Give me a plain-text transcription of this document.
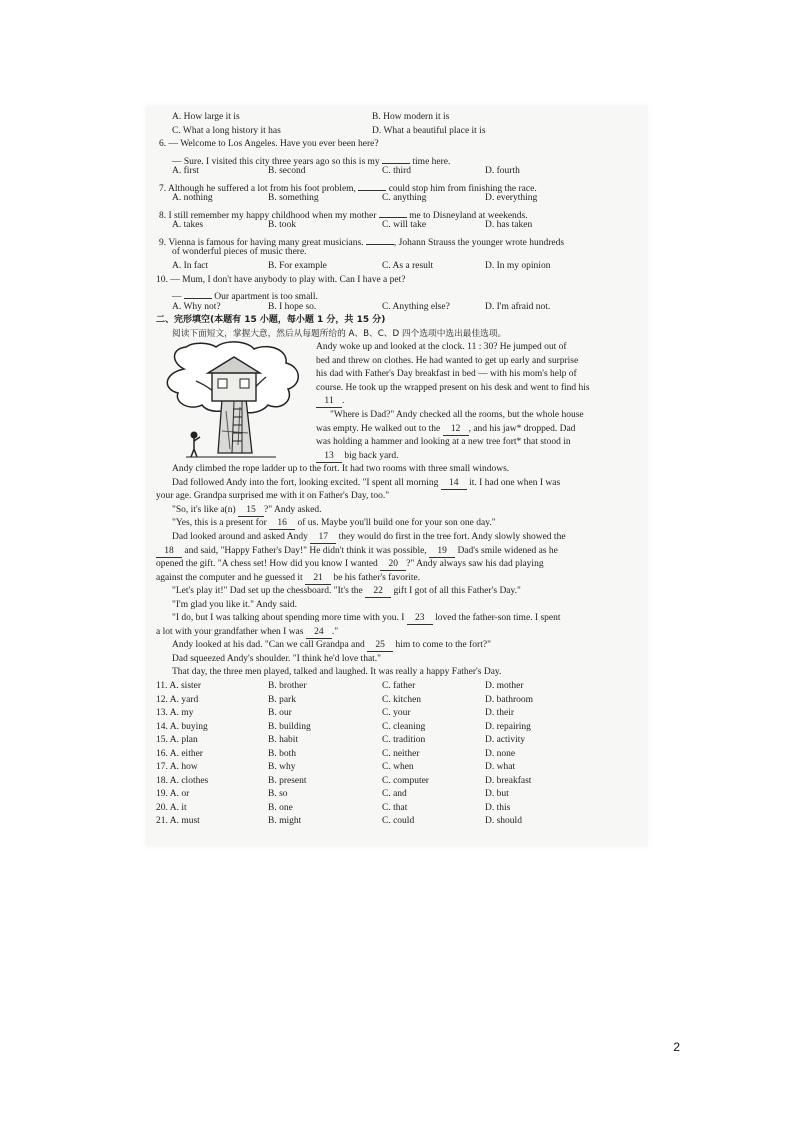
A. How large it is	B. How modern it is
C. What a long history it has	D. What a beautiful place it is
6. — Welcome to Los Angeles. Have you ever been here?
— Sure. I visited this city three years ago so this is my	time here.
A. first	B. second	C. third	D. fourth
7. Although he suffered a lot from his foot problem,	could stop him from finishing the race.
A. nothing	B. something	C. anything	D. everything
8. I still remember my happy childhood when my mother	me to Disneyland at weekends.
A. takes	B. took	C. will take	D. has taken
9. Vienna is famous for having many great musicians.	, Johann Strauss the younger wrote hundreds
of wonderful pieces of music there.
A. In fact	B. For example	C. As a result	D. In my opinion
10. — Mum, I don't have anybody to play with. Can I have a pet?
—	Our apartment is too small.
A. Why not?	B. I hope so.	C. Anything else?	D. I'm afraid not.
二、完形填空(本题有 15 小题，每小题 1 分，共 15 分)
阅读下面短文，掌握大意，然后从每题所给的 A、B、C、D 四个选项中选出最佳选项。
Andy woke up and looked at the clock. 11 : 30? He jumped out of
bed and threw on clothes. He had wanted to get up early and surprise
his dad with Father's Day breakfast in bed — with his mom's help of
course. He took up the wrapped present on his desk and went to find his
11 .
"Where is Dad?" Andy checked all the rooms, but the whole house
was empty. He walked out to the 12 , and his jaw* dropped. Dad
was holding a hammer and looking at a new tree fort* that stood in
13 big back yard.
Andy climbed the rope ladder up to the fort. It had two rooms with three small windows.
Dad followed Andy into the fort, looking excited. "I spent all morning 14 it. I had one when I was
your age. Grandpa surprised me with it on Father's Day, too."
"So, it's like a(n) 15 ?" Andy asked.
"Yes, this is a present for 16 of us. Maybe you'll build one for your son one day."
Dad looked around and asked Andy 17 they would do first in the tree fort. Andy slowly showed the
18 and said, "Happy Father's Day!" He didn't think it was possible, 19 Dad's smile widened as he
opened the gift. "A chess set! How did you know I wanted 20 ?" Andy always saw his dad playing
against the computer and he guessed it 21 be his father's favorite.
"Let's play it!" Dad set up the chessboard. "It's the 22 gift I got of all this Father's Day."
"I'm glad you like it." Andy said.
"I do, but I was talking about spending more time with you. I 23 loved the father-son time. I spent
a lot with your grandfather when I was 24 ."
Andy looked at his dad. "Can we call Grandpa and 25 him to come to the fort?"
Dad squeezed Andy's shoulder. "I think he'd love that."
That day, the three men played, talked and laughed. It was really a happy Father's Day.
11. A. sister	B. brother	C. father	D. mother
12. A. yard	B. park	C. kitchen	D. bathroom
13. A. my	B. our	C. your	D. their
14. A. buying	B. building	C. cleaning	D. repairing
15. A. plan	B. habit	C. tradition	D. activity
16. A. either	B. both	C. neither	D. none
17. A. how	B. why	C. when	D. what
18. A. clothes	B. present	C. computer	D. breakfast
19. A. or	B. so	C. and	D. but
20. A. it	B. one	C. that	D. this
21. A. must	B. might	C. could	D. should
2
